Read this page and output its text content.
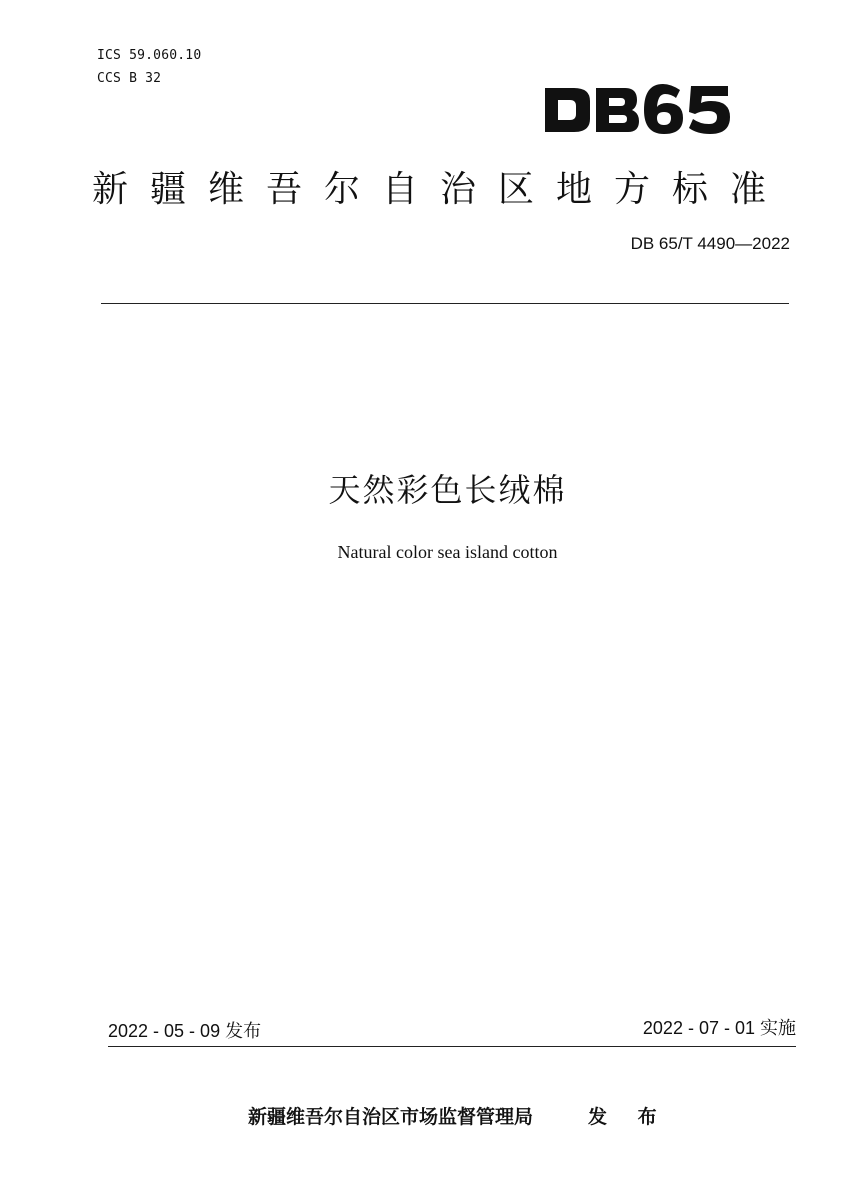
ICS 59.060.10
CCS B 32
新疆维吾尔自治区地方标准
DB 65/T 4490—2022
天然彩色长绒棉
Natural color sea island cotton
2022 - 05 - 09 发布	2022 - 07 - 01 实施
新疆维吾尔自治区市场监督管理局	发 布
